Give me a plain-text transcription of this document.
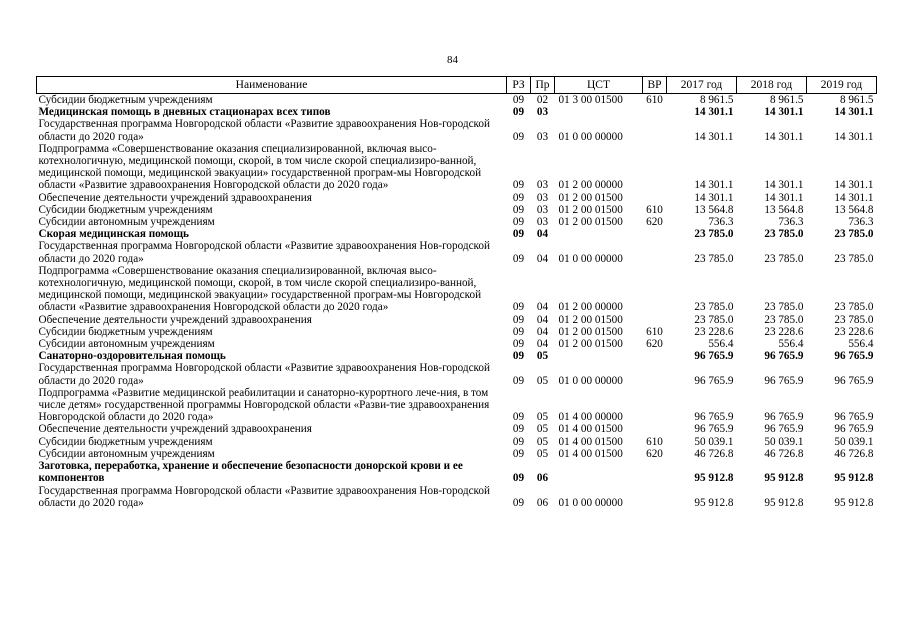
84
Наименование	РЗ	Пр	ЦСТ	ВР	2017 год	2018 год	2019 год
Субсидии бюджетным учреждениям	09	02	01 3 00 01500	610	8 961.5	8 961.5	8 961.5
Медицинская помощь в дневных стационарах всех типов	09	03			14 301.1	14 301.1	14 301.1
Государственная программа Новгородской области «Развитие здравоохранения Нов-городской области до 2020 года»	09	03	01 0 00 00000		14 301.1	14 301.1	14 301.1
Подпрограмма «Совершенствование оказания специализированной, включая высо-котехнологичную, медицинской помощи, скорой, в том числе скорой специализиро-ванной, медицинской помощи, медицинской эвакуации» государственной програм-мы Новгородской области «Развитие здравоохранения Новгородской области до 2020 года»	09	03	01 2 00 00000		14 301.1	14 301.1	14 301.1
Обеспечение деятельности учреждений здравоохранения	09	03	01 2 00 01500		14 301.1	14 301.1	14 301.1
Субсидии бюджетным учреждениям	09	03	01 2 00 01500	610	13 564.8	13 564.8	13 564.8
Субсидии автономным учреждениям	09	03	01 2 00 01500	620	736.3	736.3	736.3
Скорая медицинская помощь	09	04			23 785.0	23 785.0	23 785.0
Государственная программа Новгородской области «Развитие здравоохранения Нов-городской области до 2020 года»	09	04	01 0 00 00000		23 785.0	23 785.0	23 785.0
Подпрограмма «Совершенствование оказания специализированной, включая высо-котехнологичную, медицинской помощи, скорой, в том числе скорой специализиро-ванной, медицинской помощи, медицинской эвакуации» государственной програм-мы Новгородской области «Развитие здравоохранения Новгородской области до 2020 года»	09	04	01 2 00 00000		23 785.0	23 785.0	23 785.0
Обеспечение деятельности учреждений здравоохранения	09	04	01 2 00 01500		23 785.0	23 785.0	23 785.0
Субсидии бюджетным учреждениям	09	04	01 2 00 01500	610	23 228.6	23 228.6	23 228.6
Субсидии автономным учреждениям	09	04	01 2 00 01500	620	556.4	556.4	556.4
Санаторно-оздоровительная помощь	09	05			96 765.9	96 765.9	96 765.9
Государственная программа Новгородской области «Развитие здравоохранения Нов-городской области до 2020 года»	09	05	01 0 00 00000		96 765.9	96 765.9	96 765.9
Подпрограмма «Развитие медицинской реабилитации и санаторно-курортного лече-ния, в том числе детям» государственной программы Новгородской области «Разви-тие здравоохранения Новгородской области до 2020 года»	09	05	01 4 00 00000		96 765.9	96 765.9	96 765.9
Обеспечение деятельности учреждений здравоохранения	09	05	01 4 00 01500		96 765.9	96 765.9	96 765.9
Субсидии бюджетным учреждениям	09	05	01 4 00 01500	610	50 039.1	50 039.1	50 039.1
Субсидии автономным учреждениям	09	05	01 4 00 01500	620	46 726.8	46 726.8	46 726.8
Заготовка, переработка, хранение и обеспечение безопасности донорской крови и ее компонентов	09	06			95 912.8	95 912.8	95 912.8
Государственная программа Новгородской области «Развитие здравоохранения Нов-городской области до 2020 года»	09	06	01 0 00 00000		95 912.8	95 912.8	95 912.8
